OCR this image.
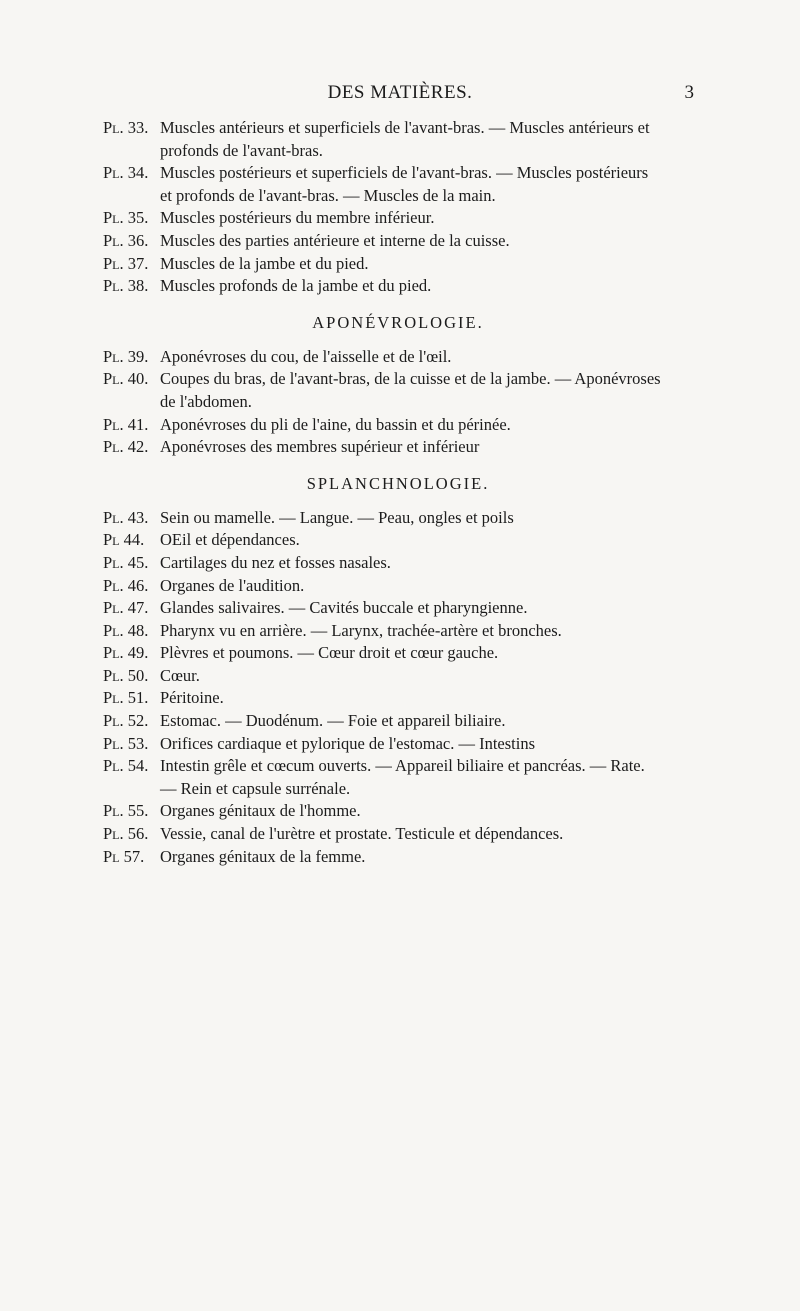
DES MATIÈRES.	3
Pl. 33. Muscles antérieurs et superficiels de l'avant-bras. — Muscles antérieurs et profonds de l'avant-bras.
Pl. 34. Muscles postérieurs et superficiels de l'avant-bras. — Muscles postérieurs et profonds de l'avant-bras. — Muscles de la main.
Pl. 35. Muscles postérieurs du membre inférieur.
Pl. 36. Muscles des parties antérieure et interne de la cuisse.
Pl. 37. Muscles de la jambe et du pied.
Pl. 38. Muscles profonds de la jambe et du pied.
APONÉVROLOGIE.
Pl. 39. Aponévroses du cou, de l'aisselle et de l'œil.
Pl. 40. Coupes du bras, de l'avant-bras, de la cuisse et de la jambe. — Aponévroses de l'abdomen.
Pl. 41. Aponévroses du pli de l'aine, du bassin et du périnée.
Pl. 42. Aponévroses des membres supérieur et inférieur
SPLANCHNOLOGIE.
Pl. 43. Sein ou mamelle. — Langue. — Peau, ongles et poils
Pl 44. OEil et dépendances.
Pl. 45. Cartilages du nez et fosses nasales.
Pl. 46. Organes de l'audition.
Pl. 47. Glandes salivaires. — Cavités buccale et pharyngienne.
Pl. 48. Pharynx vu en arrière. — Larynx, trachée-artère et bronches.
Pl. 49. Plèvres et poumons. — Cœur droit et cœur gauche.
Pl. 50. Cœur.
Pl. 51. Péritoine.
Pl. 52. Estomac. — Duodénum. — Foie et appareil biliaire.
Pl. 53. Orifices cardiaque et pylorique de l'estomac. — Intestins
Pl. 54. Intestin grêle et cœcum ouverts. — Appareil biliaire et pancréas. — Rate. — Rein et capsule surrénale.
Pl. 55. Organes génitaux de l'homme.
Pl. 56. Vessie, canal de l'urètre et prostate. Testicule et dépendances.
Pl 57. Organes génitaux de la femme.
